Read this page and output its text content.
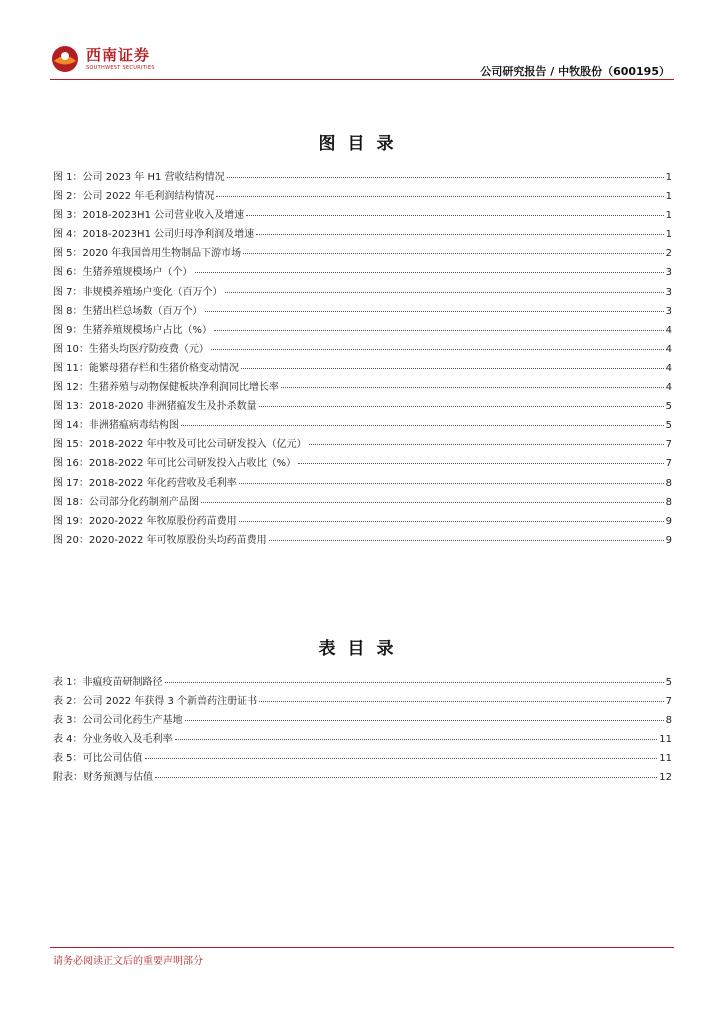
西南证券
SOUTHWEST SECURITIES	公司研究报告 / 中牧股份（600195）
图目录
图 1：公司 2023 年 H1 营收结构情况	1
图 2：公司 2022 年毛利润结构情况	1
图 3：2018-2023H1 公司营业收入及增速	1
图 4：2018-2023H1 公司归母净利润及增速	1
图 5：2020 年我国兽用生物制品下游市场	2
图 6：生猪养殖规模场户（个）	3
图 7：非规模养殖场户变化（百万个）	3
图 8：生猪出栏总场数（百万个）	3
图 9：生猪养殖规模场户占比（%）	4
图 10：生猪头均医疗防疫费（元）	4
图 11：能繁母猪存栏和生猪价格变动情况	4
图 12：生猪养殖与动物保健板块净利润同比增长率	4
图 13：2018-2020 非洲猪瘟发生及扑杀数量	5
图 14：非洲猪瘟病毒结构图	5
图 15：2018-2022 年中牧及可比公司研发投入（亿元）	7
图 16：2018-2022 年可比公司研发投入占收比（%）	7
图 17：2018-2022 年化药营收及毛利率	8
图 18：公司部分化药制剂产品图	8
图 19：2020-2022 年牧原股份药苗费用	9
图 20：2020-2022 年可牧原股份头均药苗费用	9
表目录
表 1：非瘟疫苗研制路径	5
表 2：公司 2022 年获得 3 个新兽药注册证书	7
表 3：公司公司化药生产基地	8
表 4：分业务收入及毛利率	11
表 5：可比公司估值	11
附表：财务预测与估值	12
请务必阅读正文后的重要声明部分
